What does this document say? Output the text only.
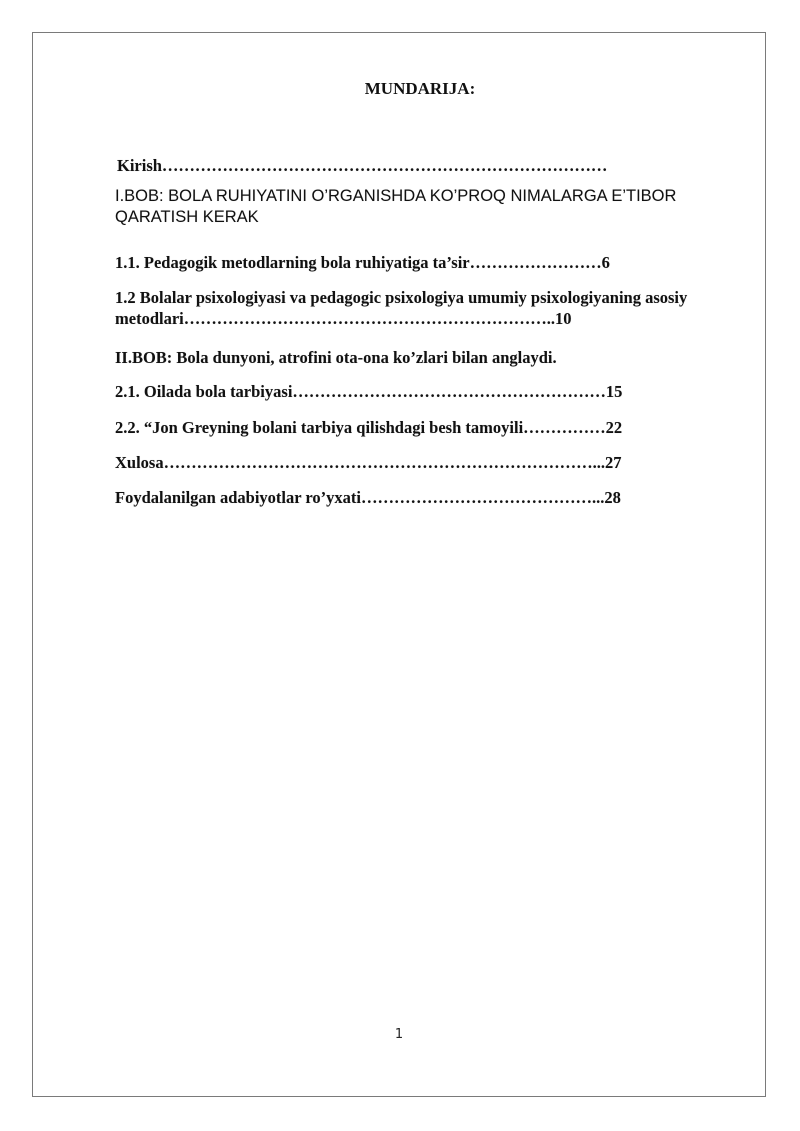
MUNDARIJA:

Kirish………………………………………………………………………

I.BOB: BOLA RUHIYATINI O’RGANISHDA KO’PROQ NIMALARGA E’TIBOR QARATISH KERAK

1.1. Pedagogik metodlarning bola ruhiyatiga ta’sir……………………6

1.2 Bolalar psixologiyasi va pedagogic psixologiya umumiy psixologiyaning asosiy metodlari…………………………………………………………..10

II.BOB: Bola dunyoni, atrofini ota-ona ko’zlari bilan anglaydi.

2.1. Oilada bola tarbiyasi…………………………………………………15

2.2. “Jon Greyning bolani tarbiya qilishdagi besh tamoyili……………22

Xulosa……………………………………………………………………...27

Foydalanilgan adabiyotlar ro’yxati……………………………………...28

1
